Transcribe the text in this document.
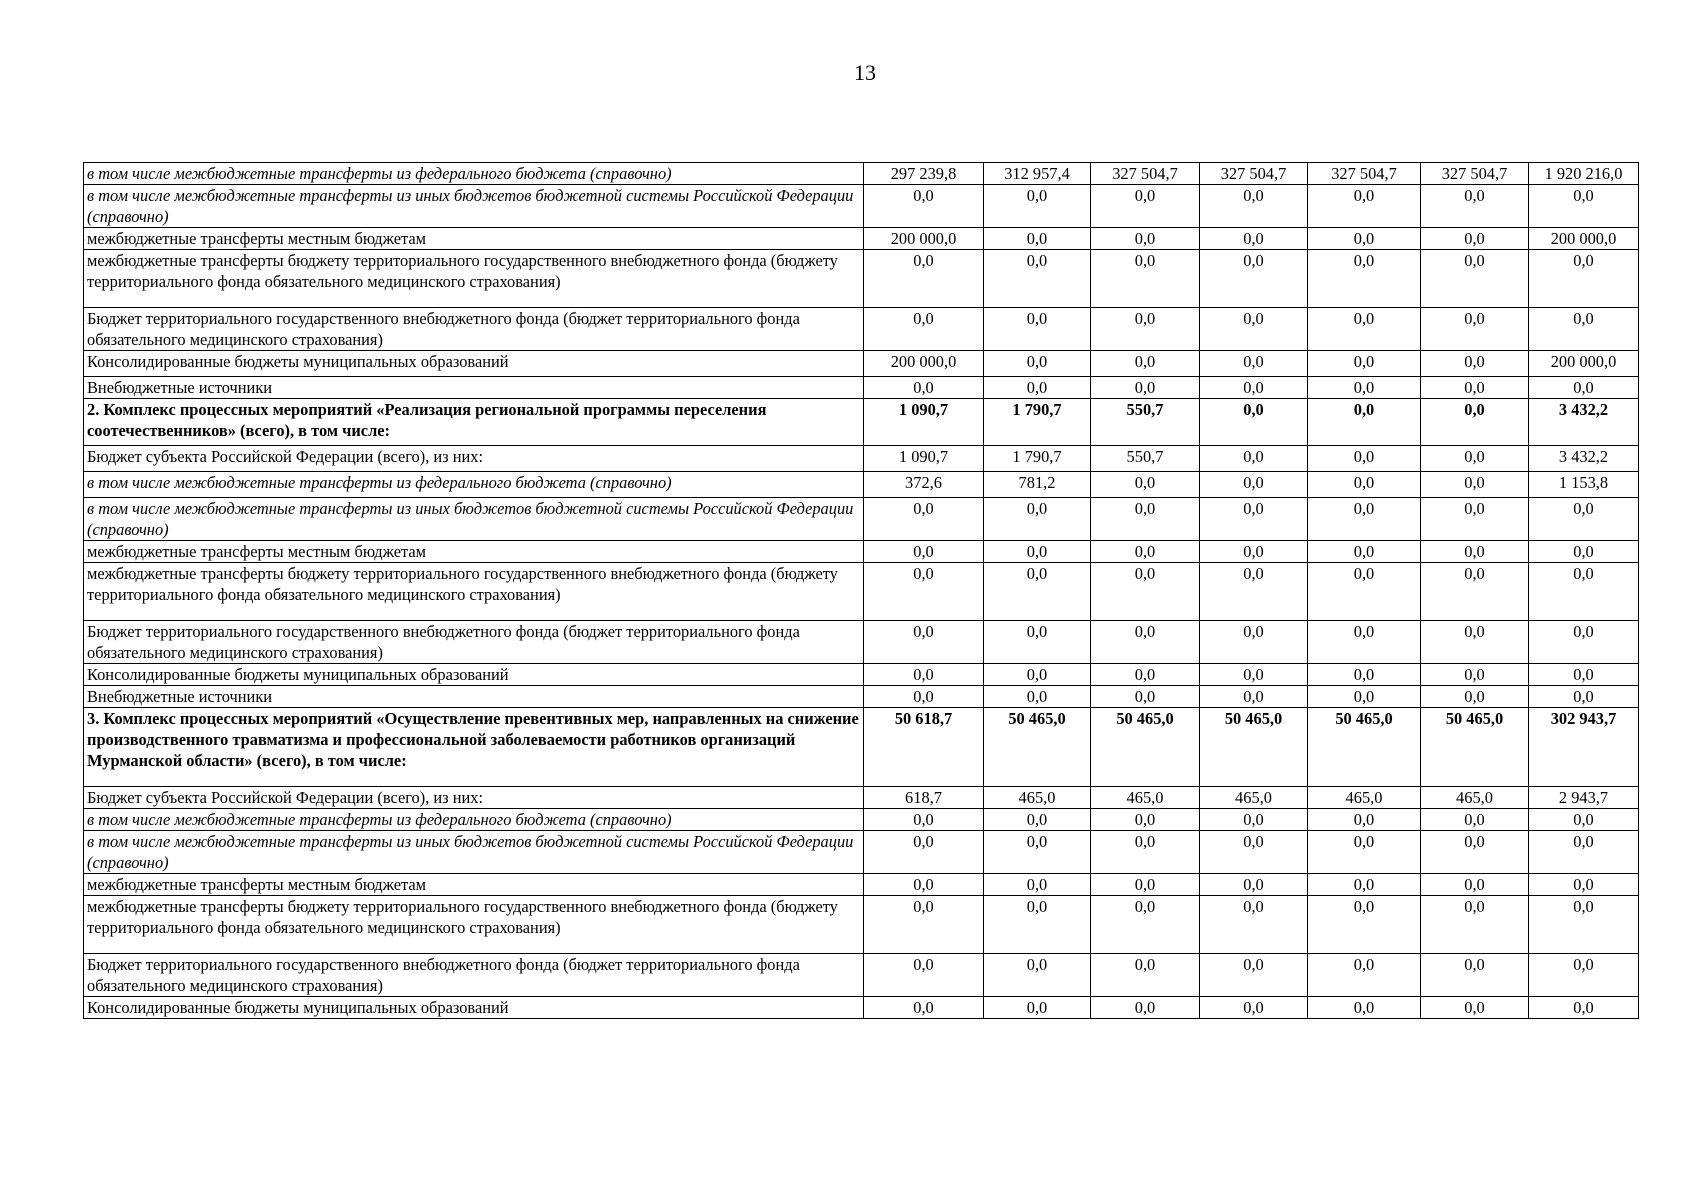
13
в том числе межбюджетные трансферты из федерального бюджета (справочно)	297 239,8	312 957,4	327 504,7	327 504,7	327 504,7	327 504,7	1 920 216,0
в том числе межбюджетные трансферты из иных бюджетов бюджетной системы Российской Федерации (справочно)	0,0	0,0	0,0	0,0	0,0	0,0	0,0
межбюджетные трансферты местным бюджетам	200 000,0	0,0	0,0	0,0	0,0	0,0	200 000,0
межбюджетные трансферты бюджету территориального государственного внебюджетного фонда (бюджету территориального фонда обязательного медицинского страхования)	0,0	0,0	0,0	0,0	0,0	0,0	0,0
Бюджет территориального государственного внебюджетного фонда (бюджет территориального фонда обязательного медицинского страхования)	0,0	0,0	0,0	0,0	0,0	0,0	0,0
Консолидированные бюджеты муниципальных образований	200 000,0	0,0	0,0	0,0	0,0	0,0	200 000,0
Внебюджетные источники	0,0	0,0	0,0	0,0	0,0	0,0	0,0
2. Комплекс процессных мероприятий «Реализация региональной программы переселения соотечественников» (всего), в том числе:	1 090,7	1 790,7	550,7	0,0	0,0	0,0	3 432,2
Бюджет субъекта Российской Федерации (всего), из них:	1 090,7	1 790,7	550,7	0,0	0,0	0,0	3 432,2
в том числе межбюджетные трансферты из федерального бюджета (справочно)	372,6	781,2	0,0	0,0	0,0	0,0	1 153,8
в том числе межбюджетные трансферты из иных бюджетов бюджетной системы Российской Федерации (справочно)	0,0	0,0	0,0	0,0	0,0	0,0	0,0
межбюджетные трансферты местным бюджетам	0,0	0,0	0,0	0,0	0,0	0,0	0,0
межбюджетные трансферты бюджету территориального государственного внебюджетного фонда (бюджету территориального фонда обязательного медицинского страхования)	0,0	0,0	0,0	0,0	0,0	0,0	0,0
Бюджет территориального государственного внебюджетного фонда (бюджет территориального фонда обязательного медицинского страхования)	0,0	0,0	0,0	0,0	0,0	0,0	0,0
Консолидированные бюджеты муниципальных образований	0,0	0,0	0,0	0,0	0,0	0,0	0,0
Внебюджетные источники	0,0	0,0	0,0	0,0	0,0	0,0	0,0
3. Комплекс процессных мероприятий «Осуществление превентивных мер, направленных на снижение производственного травматизма и профессиональной заболеваемости работников организаций Мурманской области» (всего), в том числе:	50 618,7	50 465,0	50 465,0	50 465,0	50 465,0	50 465,0	302 943,7
Бюджет субъекта Российской Федерации (всего), из них:	618,7	465,0	465,0	465,0	465,0	465,0	2 943,7
в том числе межбюджетные трансферты из федерального бюджета (справочно)	0,0	0,0	0,0	0,0	0,0	0,0	0,0
в том числе межбюджетные трансферты из иных бюджетов бюджетной системы Российской Федерации (справочно)	0,0	0,0	0,0	0,0	0,0	0,0	0,0
межбюджетные трансферты местным бюджетам	0,0	0,0	0,0	0,0	0,0	0,0	0,0
межбюджетные трансферты бюджету территориального государственного внебюджетного фонда (бюджету территориального фонда обязательного медицинского страхования)	0,0	0,0	0,0	0,0	0,0	0,0	0,0
Бюджет территориального государственного внебюджетного фонда (бюджет территориального фонда обязательного медицинского страхования)	0,0	0,0	0,0	0,0	0,0	0,0	0,0
Консолидированные бюджеты муниципальных образований	0,0	0,0	0,0	0,0	0,0	0,0	0,0
